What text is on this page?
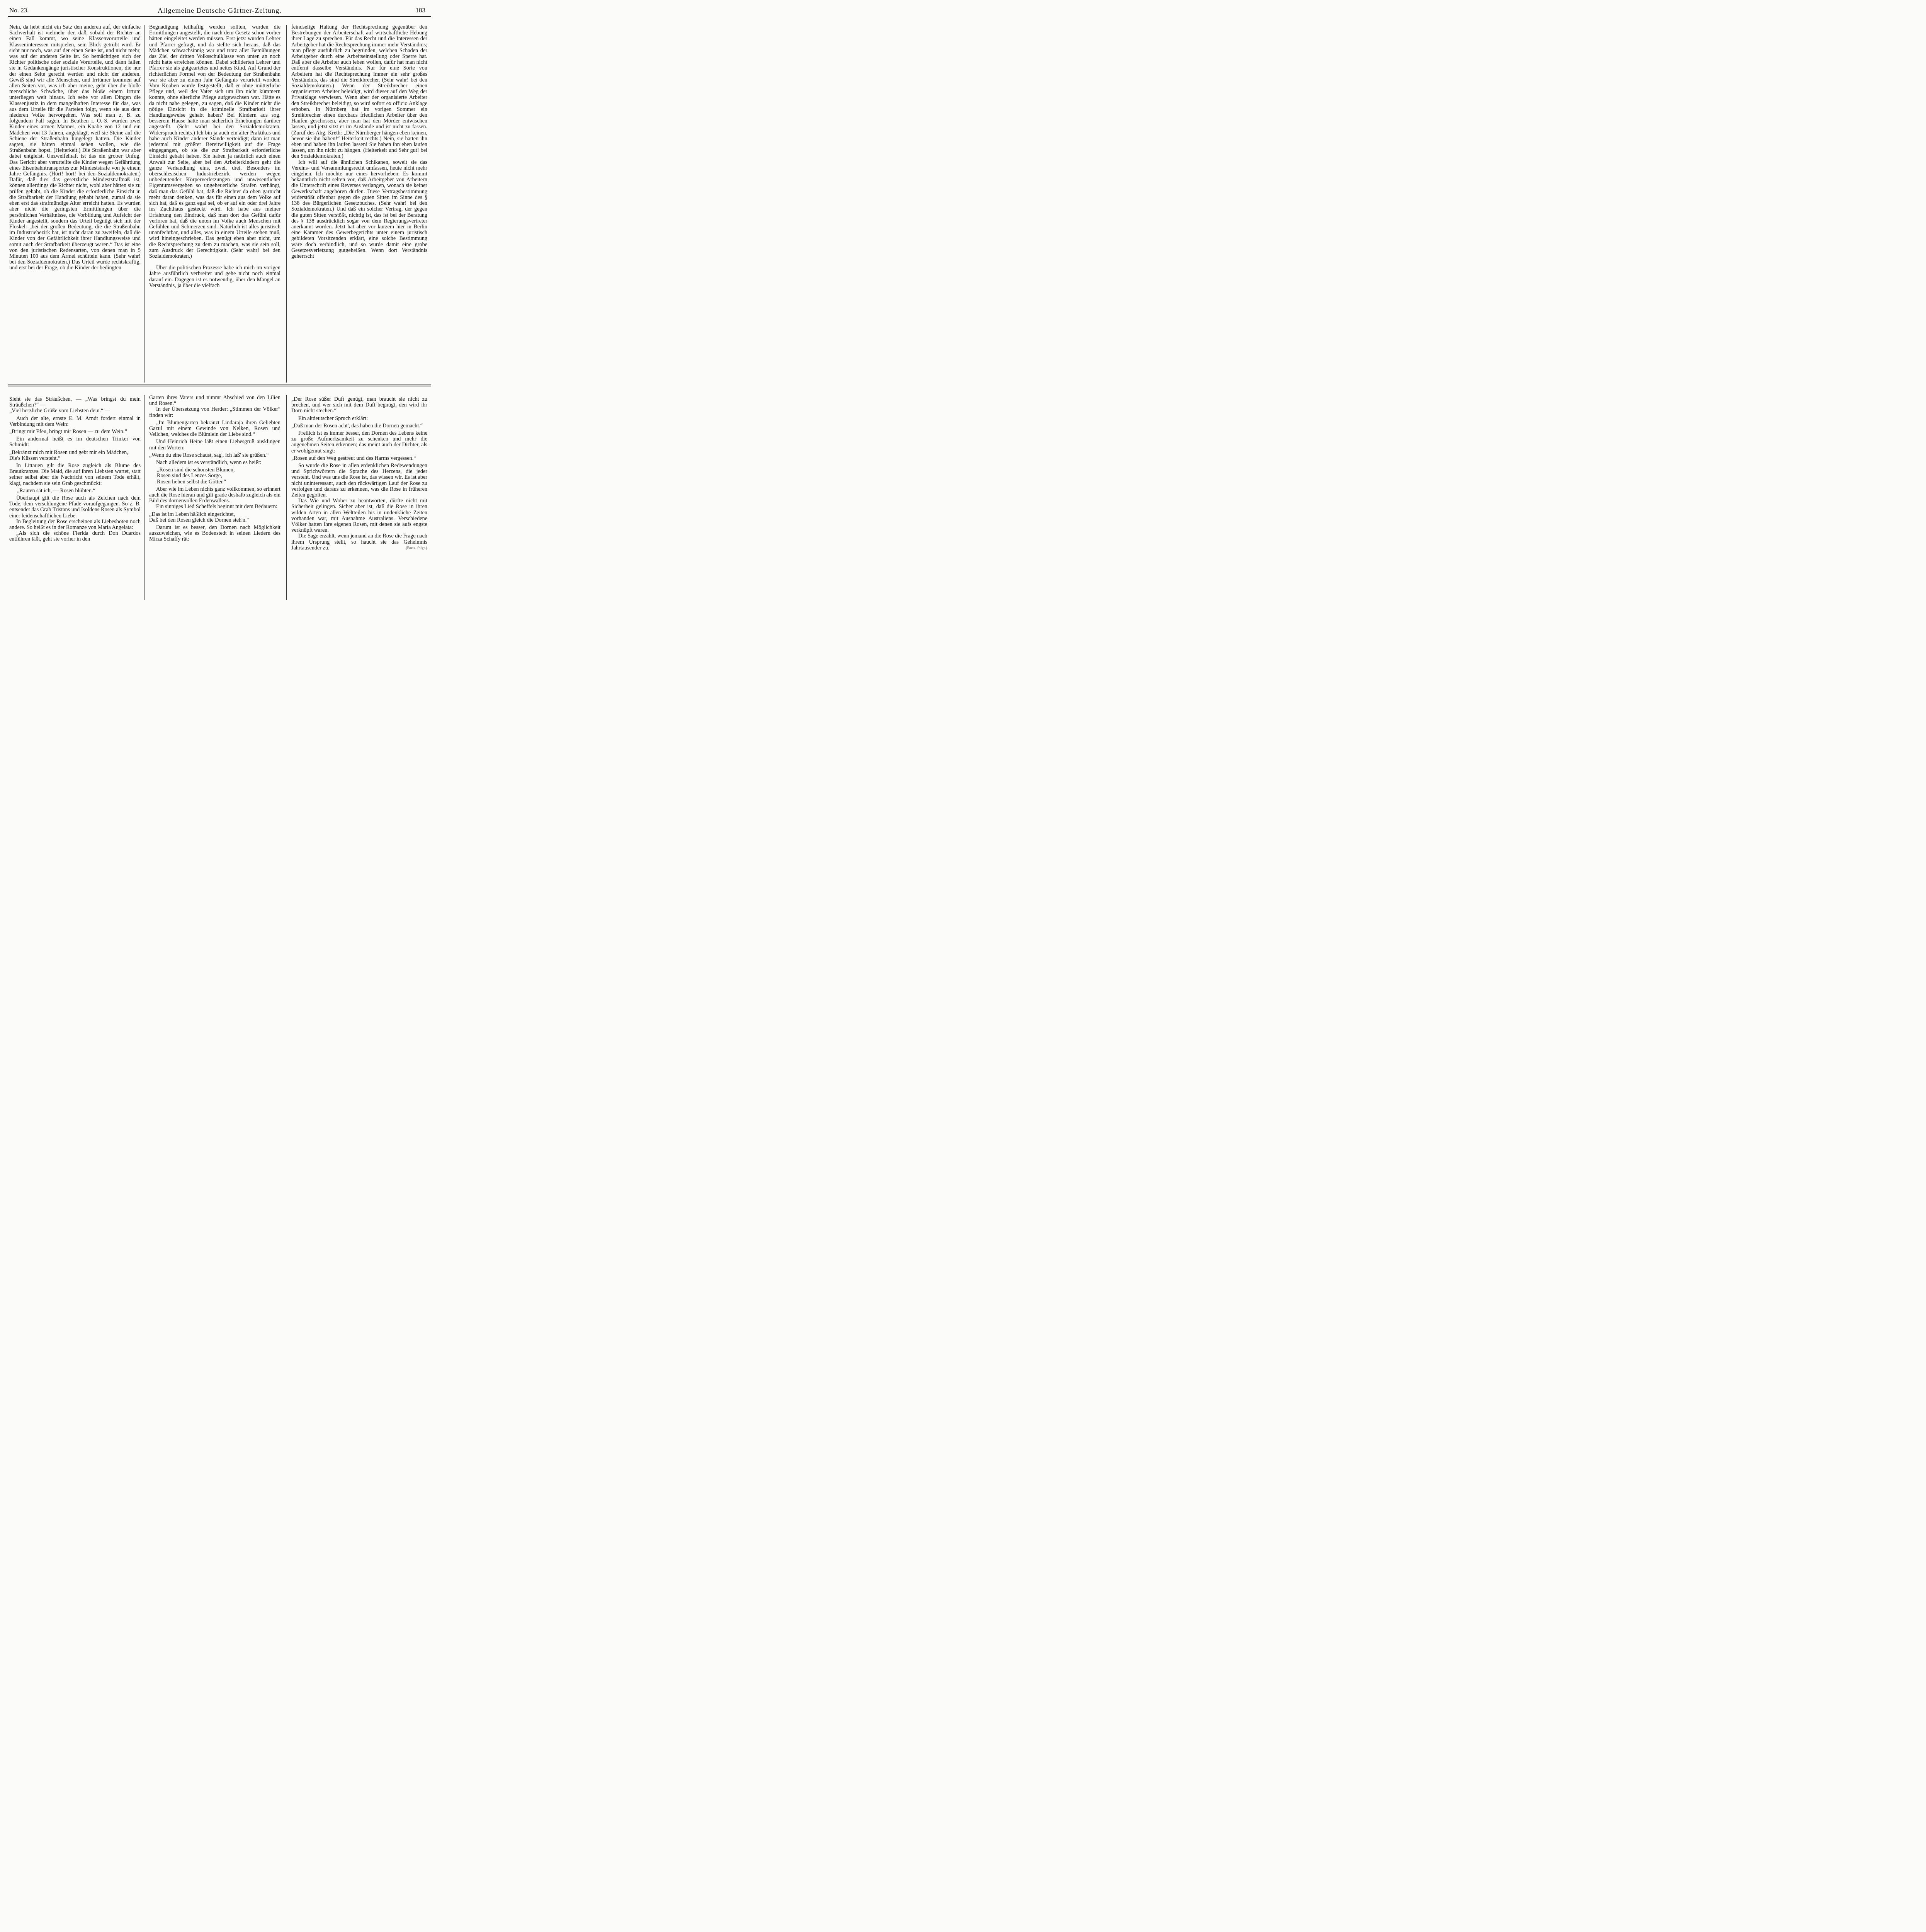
No. 23.	Allgemeine Deutsche Gärtner-Zeitung.	183

Nein, da hebt nicht ein Satz den anderen auf, der einfache Sachverhalt ist vielmehr der, daß, sobald der Richter an einen Fall kommt, wo seine Klassenvorurteile und Klasseninteressen mitspielen, sein Blick getrübt wird. Er sieht nur noch, was auf der einen Seite ist, und nicht mehr, was auf der anderen Seite ist. So bemächtigen sich der Richter politische oder soziale Vorurteile, und dann fallen sie in Gedankengänge juristischer Konstruktionen, die nur der einen Seite gerecht werden und nicht der anderen. Gewiß sind wir alle Menschen, und Irrtümer kommen auf allen Seiten vor, was ich aber meine, geht über die bloße menschliche Schwäche, über das bloße einem Irrtum unterliegen weit hinaus. Ich sehe vor allen Dingen die Klassenjustiz in dem mangelhaften Interesse für das, was aus dem Urteile für die Parteien folgt, wenn sie aus dem niederen Volke hervorgehen. Was soll man z. B. zu folgendem Fall sagen. In Beuthen i. O.-S. wurden zwei Kinder eines armen Mannes, ein Knabe von 12 und ein Mädchen von 13 Jahren, angeklagt, weil sie Steine auf die Schiene der Straßenbahn hingelegt hatten. Die Kinder sagten, sie hätten einmal sehen wollen, wie die Straßenbahn hopst. (Heiterkeit.) Die Straßenbahn war aber dabei entgleist. Unzweifelhaft ist das ein grober Unfug. Das Gericht aber verurteilte die Kinder wegen Gefährdung eines Eisenbahntransportes zur Mindeststrafe von je einem Jahre Gefängnis. (Hört! hört! bei den Sozialdemokraten.) Dafür, daß dies das gesetzliche Mindeststrafmaß ist, können allerdings die Richter nicht, wohl aber hätten sie zu prüfen gehabt, ob die Kinder die erforderliche Einsicht in die Strafbarkeit der Handlung gehabt haben, zumal da sie eben erst das strafmündige Alter erreicht hatten. Es wurden aber nicht die geringsten Ermittlungen über die persönlichen Verhältnisse, die Vorbildung und Aufsicht der Kinder angestellt, sondern das Urteil begnügt sich mit der Floskel: „bei der großen Bedeutung, die die Straßenbahn im Industriebezirk hat, ist nicht daran zu zweifeln, daß die Kinder von der Gefährlichkeit ihrer Handlungsweise und somit auch der Strafbarkeit überzeugt waren.“ Das ist eine von den juristischen Redensarten, von denen man in 5 Minuten 100 aus dem Ärmel schütteln kann. (Sehr wahr! bei den Sozialdemokraten.) Das Urteil wurde rechtskräftig, und erst bei der Frage, ob die Kinder der bedingten

Begnadigung teilhaftig werden sollten, wurden die Ermittlungen angestellt, die nach dem Gesetz schon vorher hätten eingeleitet werden müssen. Erst jetzt wurden Lehrer und Pfarrer gefragt, und da stellte sich heraus, daß das Mädchen schwachsinnig war und trotz aller Bemühungen das Ziel der dritten Volksschulklasse von unten an noch nicht hatte erreichen können. Dabei schilderten Lehrer und Pfarrer sie als gutgeartetes und nettes Kind. Auf Grund der richterlichen Formel von der Bedeutung der Straßenbahn war sie aber zu einem Jahr Gefängnis verurteilt worden. Vom Knaben wurde festgestellt, daß er ohne mütterliche Pflege und, weil der Vater sich um ihn nicht kümmern konnte, ohne elterliche Pflege aufgewachsen war. Hätte es da nicht nahe gelegen, zu sagen, daß die Kinder nicht die nötige Einsicht in die kriminelle Strafbarkeit ihrer Handlungsweise gehabt haben? Bei Kindern aus sog. besserem Hause hätte man sicherlich Erhebungen darüber angestellt. (Sehr wahr! bei den Sozialdemokraten. Widerspruch rechts.) Ich bin ja auch ein alter Praktikus und habe auch Kinder anderer Stände verteidigt; dann ist man jedesmal mit größter Bereitwilligkeit auf die Frage eingegangen, ob sie die zur Strafbarkeit erforderliche Einsicht gehabt haben. Sie haben ja natürlich auch einen Anwalt zur Seite, aber bei den Arbeiterkindern geht die ganze Verhandlung eins, zwei, drei. Besonders im oberschlesischen Industriebezirk werden wegen unbedeutender Körperverletzungen und unwesentlicher Eigentumsvergehen so ungeheuerliche Strafen verhängt, daß man das Gefühl hat, daß die Richter da oben garnicht mehr daran denken, was das für einen aus dem Volke auf sich hat, daß es ganz egal sei, ob er auf ein oder drei Jahre ins Zuchthaus gesteckt wird. Ich habe aus meiner Erfahrung den Eindruck, daß man dort das Gefühl dafür verloren hat, daß die unten im Volke auch Menschen mit Gefühlen und Schmerzen sind. Natürlich ist alles juristisch unanfechtbar, und alles, was in einem Urteile stehen muß, wird hineingeschrieben. Das genügt eben aber nicht, um die Rechtsprechung zu dem zu machen, was sie sein soll, zum Ausdruck der Gerechtigkeit. (Sehr wahr! bei den Sozialdemokraten.)

Über die politischen Prozesse habe ich mich im vorigen Jahre ausführlich verbreitet und gehe nicht noch einmal darauf ein. Dagegen ist es notwendig, über den Mangel an Verständnis, ja über die vielfach

feindselige Haltung der Rechtsprechung gegenüber den Bestrebungen der Arbeiterschaft auf wirtschaftliche Hebung ihrer Lage zu sprechen. Für das Recht und die Interessen der Arbeitgeber hat die Rechtsprechung immer mehr Verständnis; man pflegt ausführlich zu begründen, welchen Schaden der Arbeitgeber durch eine Arbeitseinstellung oder Sperre hat. Daß aber die Arbeiter auch leben wollen, dafür hat man nicht entfernt dasselbe Verständnis. Nur für eine Sorte von Arbeitern hat die Rechtsprechung immer ein sehr großes Verständnis, das sind die Streikbrecher. (Sehr wahr! bei den Sozialdemokraten.) Wenn der Streikbrecher einen organisierten Arbeiter beleidigt, wird dieser auf den Weg der Privatklage verwiesen. Wenn aber der organisierte Arbeiter den Streikbrecher beleidigt, so wird sofort ex officio Anklage erhoben. In Nürnberg hat im vorigen Sommer ein Streikbrecher einen durchaus friedlichen Arbeiter über den Haufen geschossen, aber man hat den Mörder entwischen lassen, und jetzt sitzt er im Auslande und ist nicht zu fassen. (Zuruf des Abg. Kreth: „Die Nürnberger hängen eben keinen, bevor sie ihn haben!“ Heiterkeit rechts.) Nein, sie hatten ihn eben und haben ihn laufen lassen! Sie haben ihn eben laufen lassen, um ihn nicht zu hängen. (Heiterkeit und Sehr gut! bei den Sozialdemokraten.)

Ich will auf die ähnlichen Schikanen, soweit sie das Vereins- und Versammlungsrecht umfassen, heute nicht mehr eingehen. Ich möchte nur eines hervorheben: Es kommt bekanntlich nicht selten vor, daß Arbeitgeber von Arbeitern die Unterschrift eines Reverses verlangen, wonach sie keiner Gewerkschaft angehören dürfen. Diese Vertragsbestimmung widerstößt offenbar gegen die guten Sitten im Sinne des § 138 des Bürgerlichen Gesetzbuches. (Sehr wahr! bei den Sozialdemokraten.) Und daß ein solcher Vertrag, der gegen die guten Sitten verstößt, nichtig ist, das ist bei der Beratung des § 138 ausdrücklich sogar von dem Regierungsvertreter anerkannt worden. Jetzt hat aber vor kurzem hier in Berlin eine Kammer des Gewerbegerichts unter einem juristisch gebildeten Vorsitzenden erklärt, eine solche Bestimmung wäre doch verbindlich, und so wurde damit eine grobe Gesetzesverletzung gutgeheißen. Wenn dort Verständnis geherrscht

Sieht sie das Sträußchen, — „Was bringst du mein Sträußchen?“ —

„Viel herzliche Grüße vom Liebsten dein.“ —

Auch der alte, ernste E. M. Arndt fordert einmal in Verbindung mit dem Wein:

„Bringt mir Efeu, bringt mir Rosen — zu dem Wein.“

Ein andermal heißt es im deutschen Trinker von Schmidt:

„Bekränzt mich mit Rosen und gebt mir ein Mädchen,

Die's Küssen versteht.“

In Littauen gilt die Rose zugleich als Blume des Brautkranzes. Die Maid, die auf ihren Liebsten wartet, statt seiner selbst aber die Nachricht von seinem Tode erhält, klagt, nachdem sie sein Grab geschmückt:

„Rauten sät ich, — Rosen blühten.“

Überhaupt gilt die Rose auch als Zeichen nach dem Tode, dem verschlungene Pfade voraufgegangen. So z. B. entsendet das Grab Tristans und Isoldens Rosen als Symbol einer leidenschaftlichen Liebe.

In Begleitung der Rose erscheinen als Liebesboten noch andere. So heißt es in der Romanze von Maria Angelata:

„Als sich die schöne Flerida durch Don Duardos entführen läßt, geht sie vorher in den

Garten ihres Vaters und nimmt Abschied von den Lilien und Rosen.“

In der Übersetzung von Herder: „Stimmen der Völker“ finden wir:

„Im Blumengarten bekränzt Lindaraja ihren Geliebten Gazul mit einem Gewinde von Nelken, Rosen und Veilchen, welches die Blümlein der Liebe sind.“

Und Heinrich Heine läßt einen Liebesgruß ausklingen mit den Worten:

„Wenn du eine Rose schaust, sag', ich laß' sie grüßen.“

Nach alledem ist es verständlich, wenn es heißt:

„Rosen sind die schönsten Blumen,

Rosen sind des Lenzes Sorge,

Rosen lieben selbst die Götter.“

Aber wie im Leben nichts ganz vollkommen, so erinnert auch die Rose hieran und gilt grade deshalb zugleich als ein Bild des dornenvollen Erdenwallens.

Ein sinniges Lied Scheffels beginnt mit dem Bedauern:

„Das ist im Leben häßlich eingerichtet,

Daß bei den Rosen gleich die Dornen steh'n.“

Darum ist es besser, den Dornen nach Möglichkeit auszuweichen, wie es Bodenstedt in seinen Liedern des Mirza Schaffy rät:

„Der Rose süßer Duft genügt, man braucht sie nicht zu brechen, und wer sich mit dem Duft begnügt, den wird ihr Dorn nicht stechen.“

Ein altdeutscher Spruch erklärt:

„Daß man der Rosen acht', das haben die Dornen gemacht.“

Freilich ist es immer besser, den Dornen des Lebens keine zu große Aufmerksamkeit zu schenken und mehr die angenehmen Seiten erkennen; das meint auch der Dichter, als er wohlgemut singt:

„Rosen auf den Weg gestreut und des Harms vergessen.“

So wurde die Rose in allen erdenklichen Redewendungen und Sprichwörtern die Sprache des Herzens, die jeder versteht. Und was uns die Rose ist, das wissen wir. Es ist aber nicht uninteressant, auch den rückwärtigen Lauf der Rose zu verfolgen und daraus zu erkennen, was die Rose in früheren Zeiten gegolten.

Das Wie und Woher zu beantworten, dürfte nicht mit Sicherheit gelingen. Sicher aber ist, daß die Rose in ihren wilden Arten in allen Weltteilen bis in undenkliche Zeiten vorhanden war, mit Ausnahme Australiens. Verschiedene Völker hatten ihre eigenen Rosen, mit denen sie aufs engste verknüpft waren.

Die Sage erzählt, wenn jemand an die Rose die Frage nach ihrem Ursprung stellt, so haucht sie das Geheimnis Jahrtausender zu.	(Forts. folgt.)
